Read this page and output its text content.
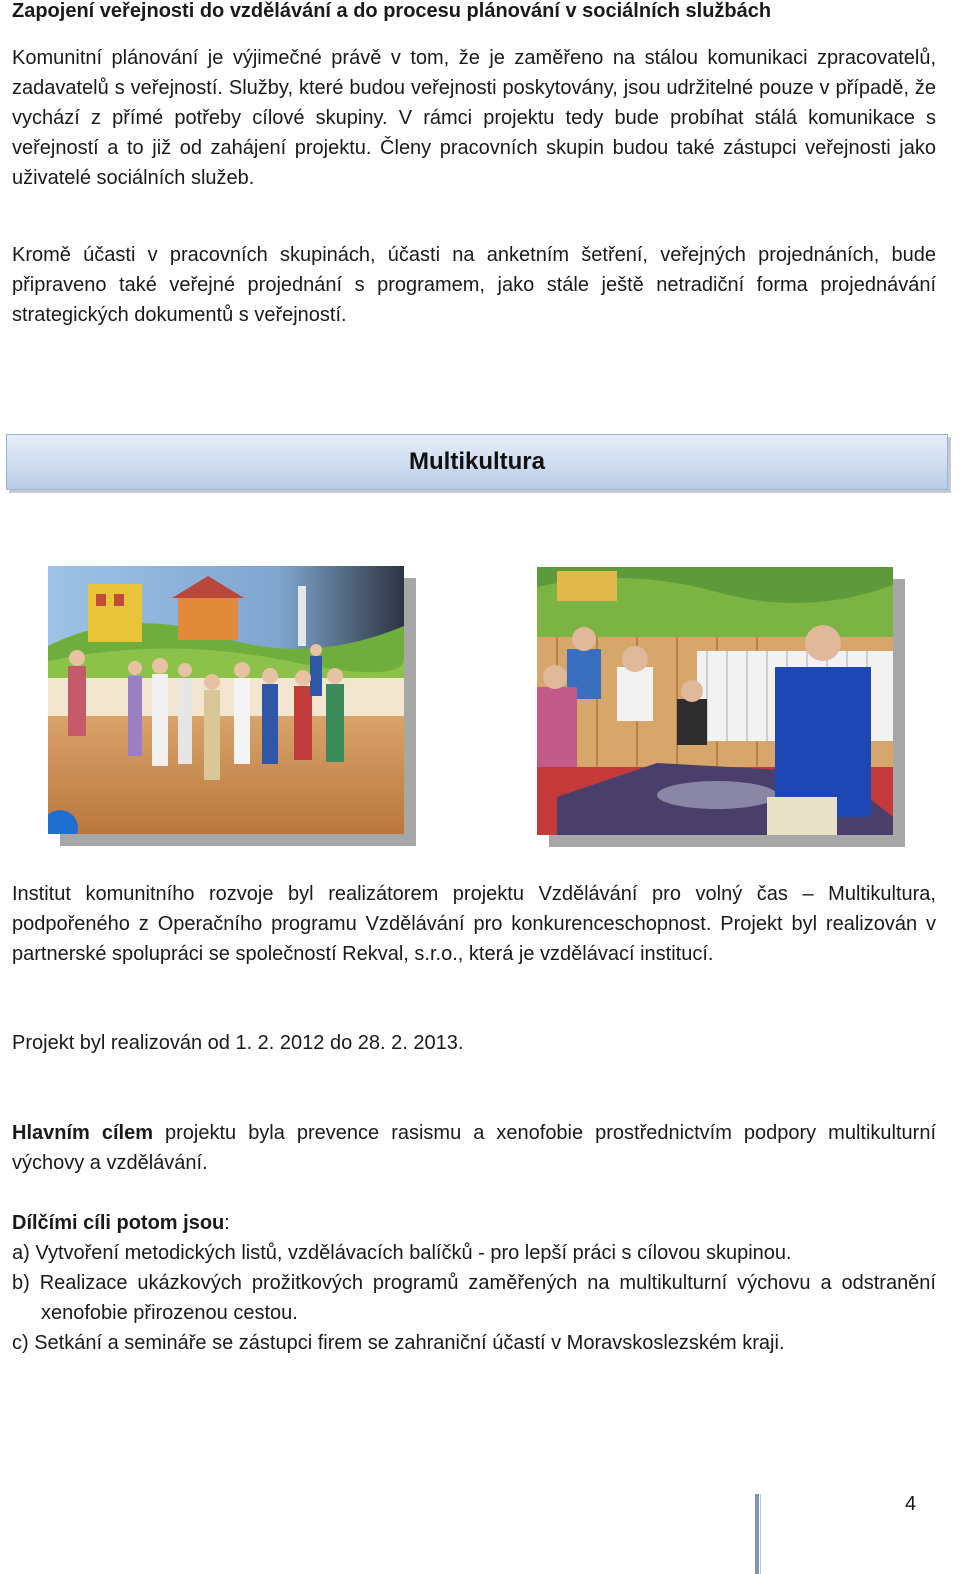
Zapojení veřejnosti do vzdělávání a do procesu plánování v sociálních službách
Komunitní plánování je výjimečné právě v tom, že je zaměřeno na stálou komunikaci zpracovatelů, zadavatelů s veřejností. Služby, které budou veřejnosti poskytovány, jsou udržitelné pouze v případě, že vychází z přímé potřeby cílové skupiny. V rámci projektu tedy bude probíhat stálá komunikace s veřejností a to již od zahájení projektu. Členy pracovních skupin budou také zástupci veřejnosti jako uživatelé sociálních služeb.
Kromě účasti v pracovních skupinách, účasti na anketním šetření, veřejných projednáních, bude připraveno také veřejné projednání s programem, jako stále ještě netradiční forma projednávání strategických dokumentů s veřejností.
Multikultura
Institut komunitního rozvoje byl realizátorem projektu Vzdělávání pro volný čas – Multikultura, podpořeného z Operačního programu Vzdělávání pro konkurenceschopnost. Projekt byl realizován v partnerské spolupráci se společností Rekval, s.r.o., která je vzdělávací institucí.
Projekt byl realizován od 1. 2. 2012 do 28. 2. 2013.
Hlavním cílem projektu byla prevence rasismu a xenofobie prostřednictvím podpory multikulturní výchovy a vzdělávání.
Dílčími cíli potom jsou:
a) Vytvoření metodických listů, vzdělávacích balíčků - pro lepší práci s cílovou skupinou.
b) Realizace ukázkových prožitkových programů zaměřených na multikulturní výchovu a odstranění xenofobie přirozenou cestou.
c) Setkání a semináře se zástupci firem se zahraniční účastí v Moravskoslezském kraji.
4
